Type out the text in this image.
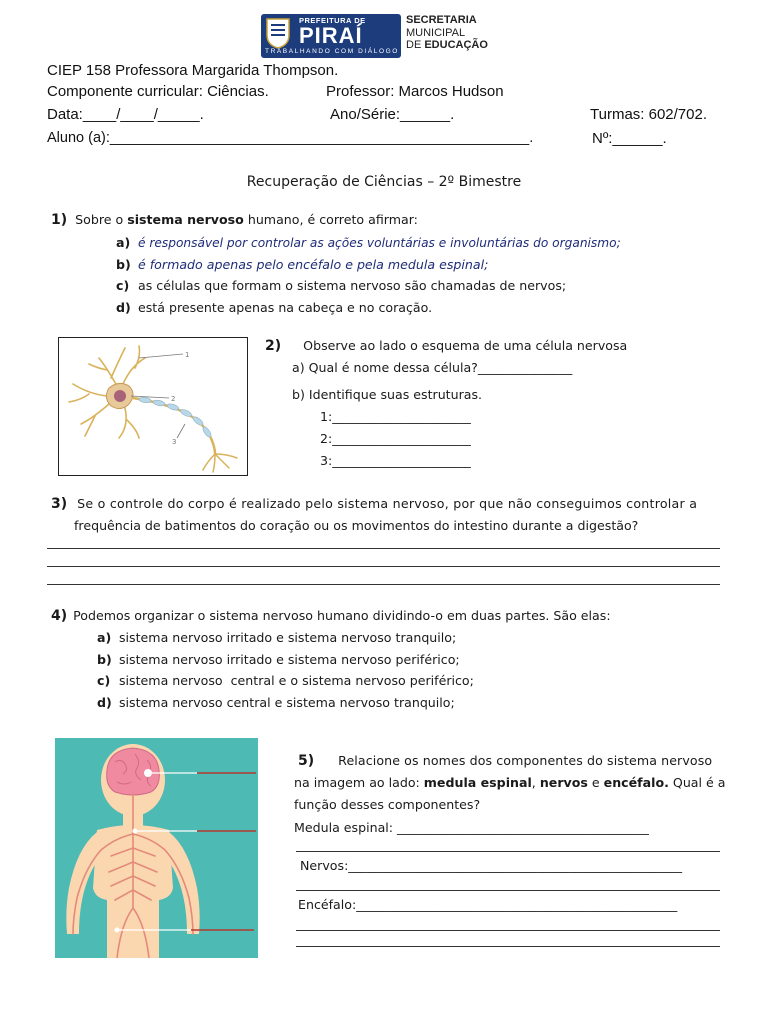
PREFEITURA DE
PIRAÍ
TRABALHANDO COM DIÁLOGO
SECRETARIA
MUNICIPAL
DE EDUCAÇÃO
CIEP 158 Professora Margarida Thompson.
Componente curricular: Ciências.	Professor: Marcos Hudson
Data:____/____/_____.	Ano/Série:______.	Turmas: 602/702.
Aluno (a):____________________________________________________.	Nº:______.
Recuperação de Ciências – 2º Bimestre
1) Sobre o sistema nervoso humano, é correto afirmar:
a) é responsável por controlar as ações voluntárias e involuntárias do organismo;
b) é formado apenas pelo encéfalo e pela medula espinal;
c) as células que formam o sistema nervoso são chamadas de nervos;
d) está presente apenas na cabeça e no coração.
1
2
3
2) Observe ao lado o esquema de uma célula nervosa
a) Qual é nome dessa célula?_______________
b) Identifique suas estruturas.
1:______________________
2:______________________
3:______________________
3) Se o controle do corpo é realizado pelo sistema nervoso, por que não conseguimos controlar a
frequência de batimentos do coração ou os movimentos do intestino durante a digestão?
4) Podemos organizar o sistema nervoso humano dividindo-o em duas partes. São elas:
a) sistema nervoso irritado e sistema nervoso tranquilo;
b) sistema nervoso irritado e sistema nervoso periférico;
c) sistema nervoso  central e o sistema nervoso periférico;
d) sistema nervoso central e sistema nervoso tranquilo;
5) Relacione os nomes dos componentes do sistema nervoso
na imagem ao lado: medula espinal, nervos e encéfalo. Qual é a
função desses componentes?
Medula espinal: ________________________________________
Nervos:_____________________________________________________
Encéfalo:___________________________________________________
